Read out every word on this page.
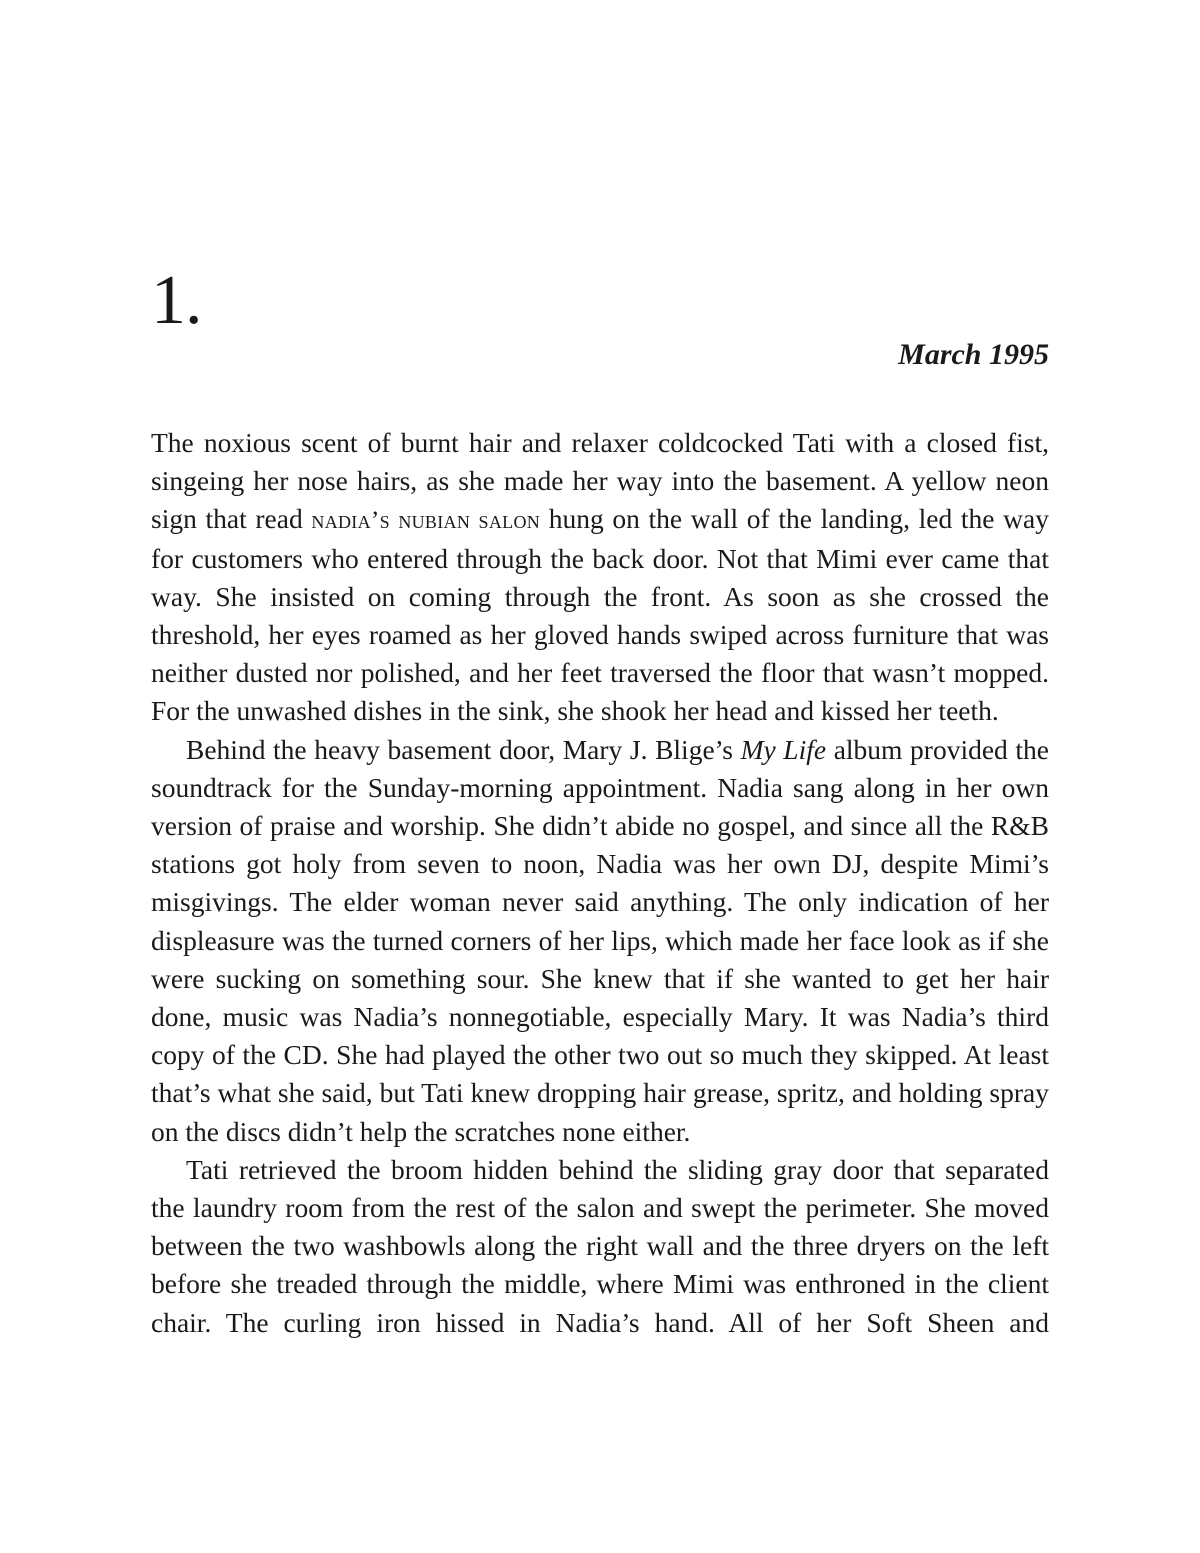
1.
March 1995

The noxious scent of burnt hair and relaxer coldcocked Tati with a closed fist, singeing her nose hairs, as she made her way into the basement. A yellow neon sign that read nadia’s nubian salon hung on the wall of the landing, led the way for customers who entered through the back door. Not that Mimi ever came that way. She insisted on coming through the front. As soon as she crossed the threshold, her eyes roamed as her gloved hands swiped across furniture that was neither dusted nor polished, and her feet traversed the floor that wasn’t mopped. For the unwashed dishes in the sink, she shook her head and kissed her teeth.

Behind the heavy basement door, Mary J. Blige’s My Life album provided the soundtrack for the Sunday-morning appointment. Nadia sang along in her own version of praise and worship. She didn’t abide no gospel, and since all the R&B stations got holy from seven to noon, Nadia was her own DJ, despite Mimi’s misgivings. The elder woman never said anything. The only indication of her displeasure was the turned corners of her lips, which made her face look as if she were sucking on something sour. She knew that if she wanted to get her hair done, music was Nadia’s nonnegotiable, especially Mary. It was Nadia’s third copy of the CD. She had played the other two out so much they skipped. At least that’s what she said, but Tati knew dropping hair grease, spritz, and holding spray on the discs didn’t help the scratches none either.

Tati retrieved the broom hidden behind the sliding gray door that separated the laundry room from the rest of the salon and swept the perimeter. She moved between the two washbowls along the right wall and the three dryers on the left before she treaded through the middle, where Mimi was enthroned in the client chair. The curling iron hissed in Nadia’s hand. All of her Soft Sheen and
